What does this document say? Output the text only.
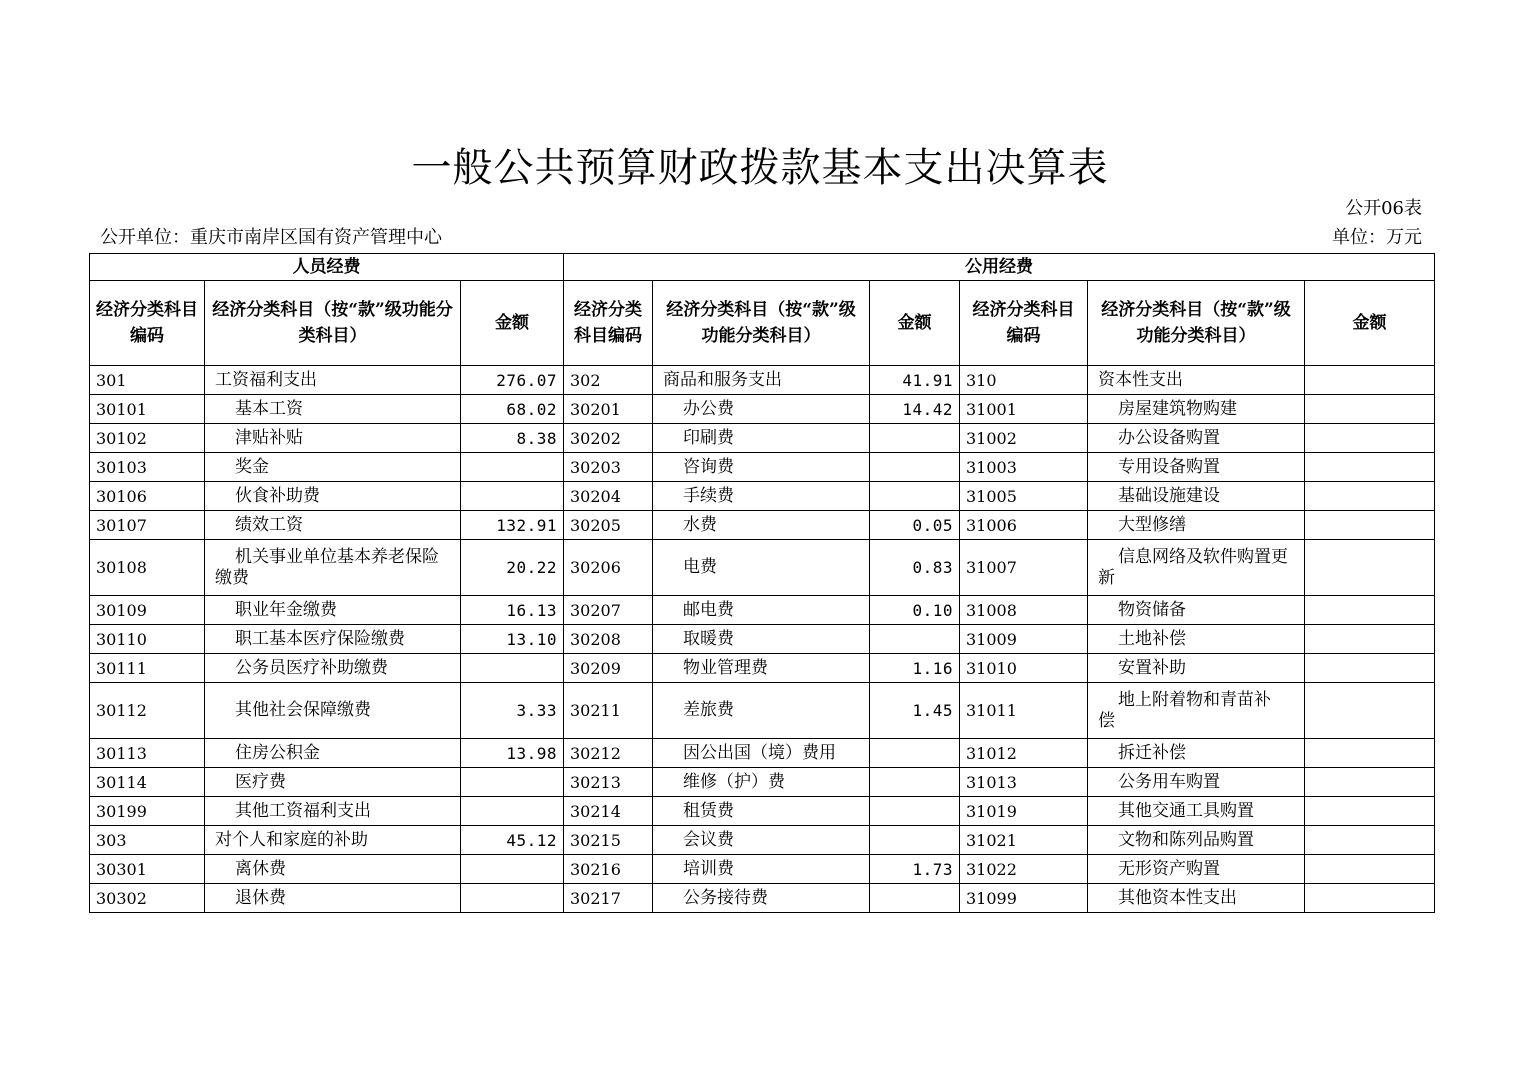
一般公共预算财政拨款基本支出决算表
公开06表
公开单位：重庆市南岸区国有资产管理中心	单位：万元
人员经费			公用经费					
经济分类科目编码	经济分类科目（按“款”级功能分类科目）	金额	经济分类科目编码	经济分类科目（按“款”级功能分类科目）	金额	经济分类科目编码	经济分类科目（按“款”级功能分类科目）	金额
301	工资福利支出	276.07	302	商品和服务支出	41.91	310	资本性支出	
30101	基本工资	68.02	30201	办公费	14.42	31001	房屋建筑物购建	
30102	津贴补贴	8.38	30202	印刷费		31002	办公设备购置	
30103	奖金		30203	咨询费		31003	专用设备购置	
30106	伙食补助费		30204	手续费		31005	基础设施建设	
30107	绩效工资	132.91	30205	水费	0.05	31006	大型修缮	
30108	机关事业单位基本养老保险缴费	20.22	30206	电费	0.83	31007	信息网络及软件购置更新	
30109	职业年金缴费	16.13	30207	邮电费	0.10	31008	物资储备	
30110	职工基本医疗保险缴费	13.10	30208	取暖费		31009	土地补偿	
30111	公务员医疗补助缴费		30209	物业管理费	1.16	31010	安置补助	
30112	其他社会保障缴费	3.33	30211	差旅费	1.45	31011	地上附着物和青苗补偿	
30113	住房公积金	13.98	30212	因公出国（境）费用		31012	拆迁补偿	
30114	医疗费		30213	维修（护）费		31013	公务用车购置	
30199	其他工资福利支出		30214	租赁费		31019	其他交通工具购置	
303	对个人和家庭的补助	45.12	30215	会议费		31021	文物和陈列品购置	
30301	离休费		30216	培训费	1.73	31022	无形资产购置	
30302	退休费		30217	公务接待费		31099	其他资本性支出	
